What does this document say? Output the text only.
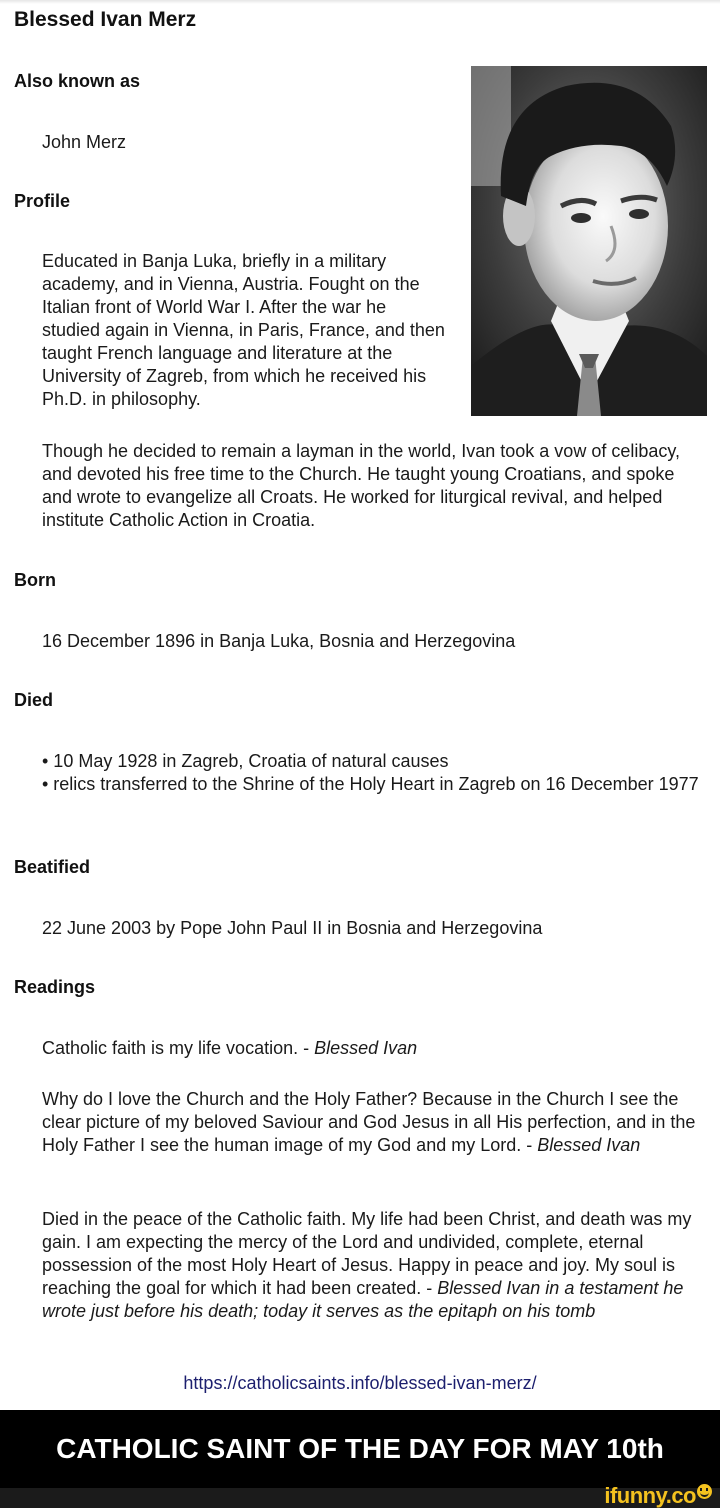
Blessed Ivan Merz
Also known as
John Merz
Profile
Educated in Banja Luka, briefly in a military
academy, and in Vienna, Austria. Fought on the
Italian front of World War I. After the war he
studied again in Vienna, in Paris, France, and then
taught French language and literature at the
University of Zagreb, from which he received his
Ph.D. in philosophy.
Though he decided to remain a layman in the world, Ivan took a vow of celibacy, and devoted his free time to the Church. He taught young Croatians, and spoke and wrote to evangelize all Croats. He worked for liturgical revival, and helped institute Catholic Action in Croatia.
Born
16 December 1896 in Banja Luka, Bosnia and Herzegovina
Died
• 10 May 1928 in Zagreb, Croatia of natural causes
• relics transferred to the Shrine of the Holy Heart in Zagreb on 16 December 1977
Beatified
22 June 2003 by Pope John Paul II in Bosnia and Herzegovina
Readings
Catholic faith is my life vocation. - Blessed Ivan
Why do I love the Church and the Holy Father? Because in the Church I see the clear picture of my beloved Saviour and God Jesus in all His perfection, and in the Holy Father I see the human image of my God and my Lord. - Blessed Ivan
Died in the peace of the Catholic faith. My life had been Christ, and death was my gain. I am expecting the mercy of the Lord and undivided, complete, eternal possession of the most Holy Heart of Jesus. Happy in peace and joy. My soul is reaching the goal for which it had been created. - Blessed Ivan in a testament he wrote just before his death; today it serves as the epitaph on his tomb
https://catholicsaints.info/blessed-ivan-merz/
CATHOLIC SAINT OF THE DAY FOR MAY 10th
ifunny.co
